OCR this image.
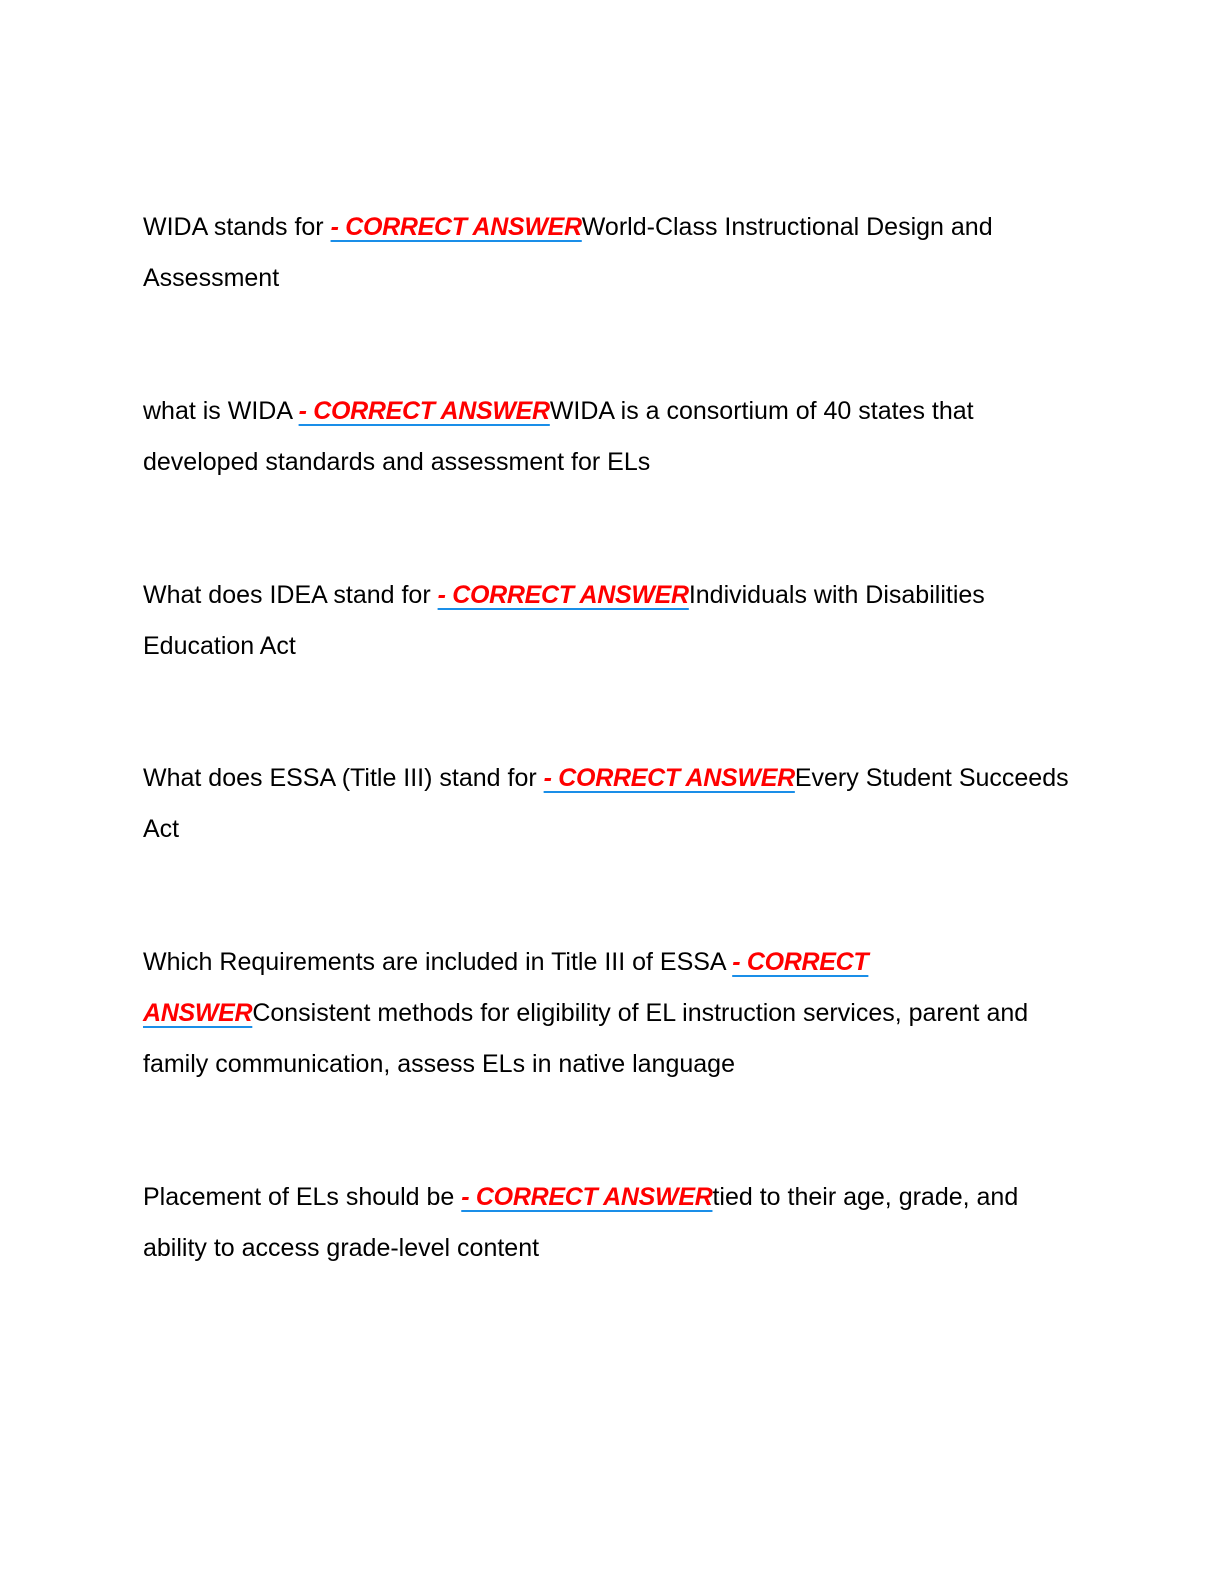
WIDA stands for - CORRECT ANSWERWorld-Class Instructional Design and Assessment

what is WIDA - CORRECT ANSWERWIDA is a consortium of 40 states that developed standards and assessment for ELs

What does IDEA stand for - CORRECT ANSWERIndividuals with Disabilities Education Act

What does ESSA (Title III) stand for - CORRECT ANSWEREvery Student Succeeds Act

Which Requirements are included in Title III of ESSA - CORRECT ANSWERConsistent methods for eligibility of EL instruction services, parent and family communication, assess ELs in native language

Placement of ELs should be - CORRECT ANSWERtied to their age, grade, and ability to access grade-level content
